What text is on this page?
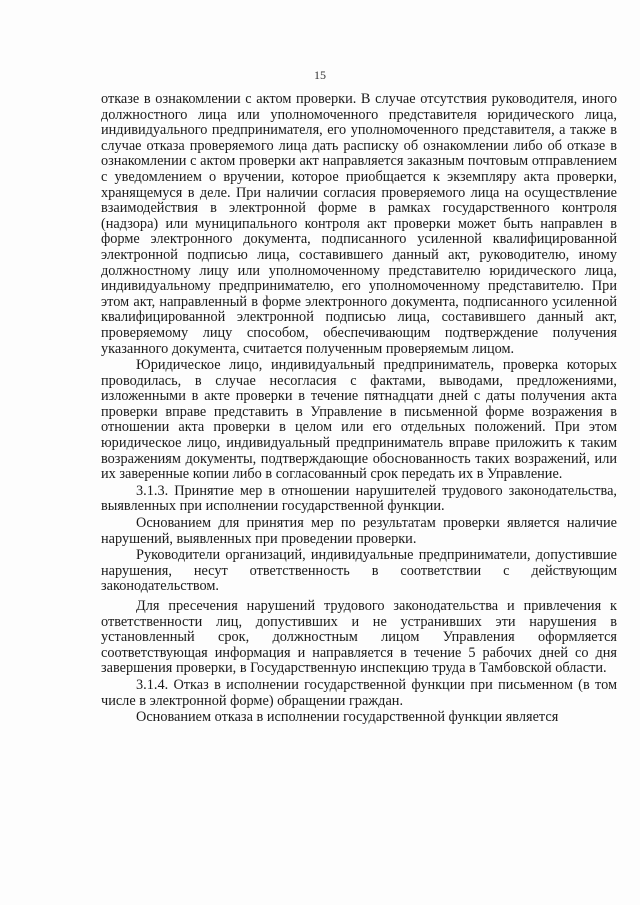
15

отказе в ознакомлении с актом проверки. В случае отсутствия руководителя, иного должностного лица или уполномоченного представителя юридического лица, индивидуального предпринимателя, его уполномоченного представителя, а также в случае отказа проверяемого лица дать расписку об ознакомлении либо об отказе в ознакомлении с актом проверки акт направляется заказным почтовым отправлением с уведомлением о вручении, которое приобщается к экземпляру акта проверки, хранящемуся в деле. При наличии согласия проверяемого лица на осуществление взаимодействия в электронной форме в рамках государственного контроля (надзора) или муниципального контроля акт проверки может быть направлен в форме электронного документа, подписанного усиленной квалифицированной электронной подписью лица, составившего данный акт, руководителю, иному должностному лицу или уполномоченному представителю юридического лица, индивидуальному предпринимателю, его уполномоченному представителю. При этом акт, направленный в форме электронного документа, подписанного усиленной квалифицированной электронной подписью лица, составившего данный акт, проверяемому лицу способом, обеспечивающим подтверждение получения указанного документа, считается полученным проверяемым лицом.

Юридическое лицо, индивидуальный предприниматель, проверка которых проводилась, в случае несогласия с фактами, выводами, предложениями, изложенными в акте проверки в течение пятнадцати дней с даты получения акта проверки вправе представить в Управление в письменной форме возражения в отношении акта проверки в целом или его отдельных положений. При этом юридическое лицо, индивидуальный предприниматель вправе приложить к таким возражениям документы, подтверждающие обоснованность таких возражений, или их заверенные копии либо в согласованный срок передать их в Управление.

3.1.3. Принятие мер в отношении нарушителей трудового законодательства, выявленных при исполнении государственной функции.

Основанием для принятия мер по результатам проверки является наличие нарушений, выявленных при проведении проверки.

Руководители организаций, индивидуальные предприниматели, допустившие нарушения, несут ответственность в соответствии с действующим законодательством.

Для пресечения нарушений трудового законодательства и привлечения к ответственности лиц, допустивших и не устранивших эти нарушения в установленный срок, должностным лицом Управления оформляется соответствующая информация и направляется в течение 5 рабочих дней со дня завершения проверки, в Государственную инспекцию труда в Тамбовской области.

3.1.4. Отказ в исполнении государственной функции при письменном (в том числе в электронной форме) обращении граждан.

Основанием отказа в исполнении государственной функции является
